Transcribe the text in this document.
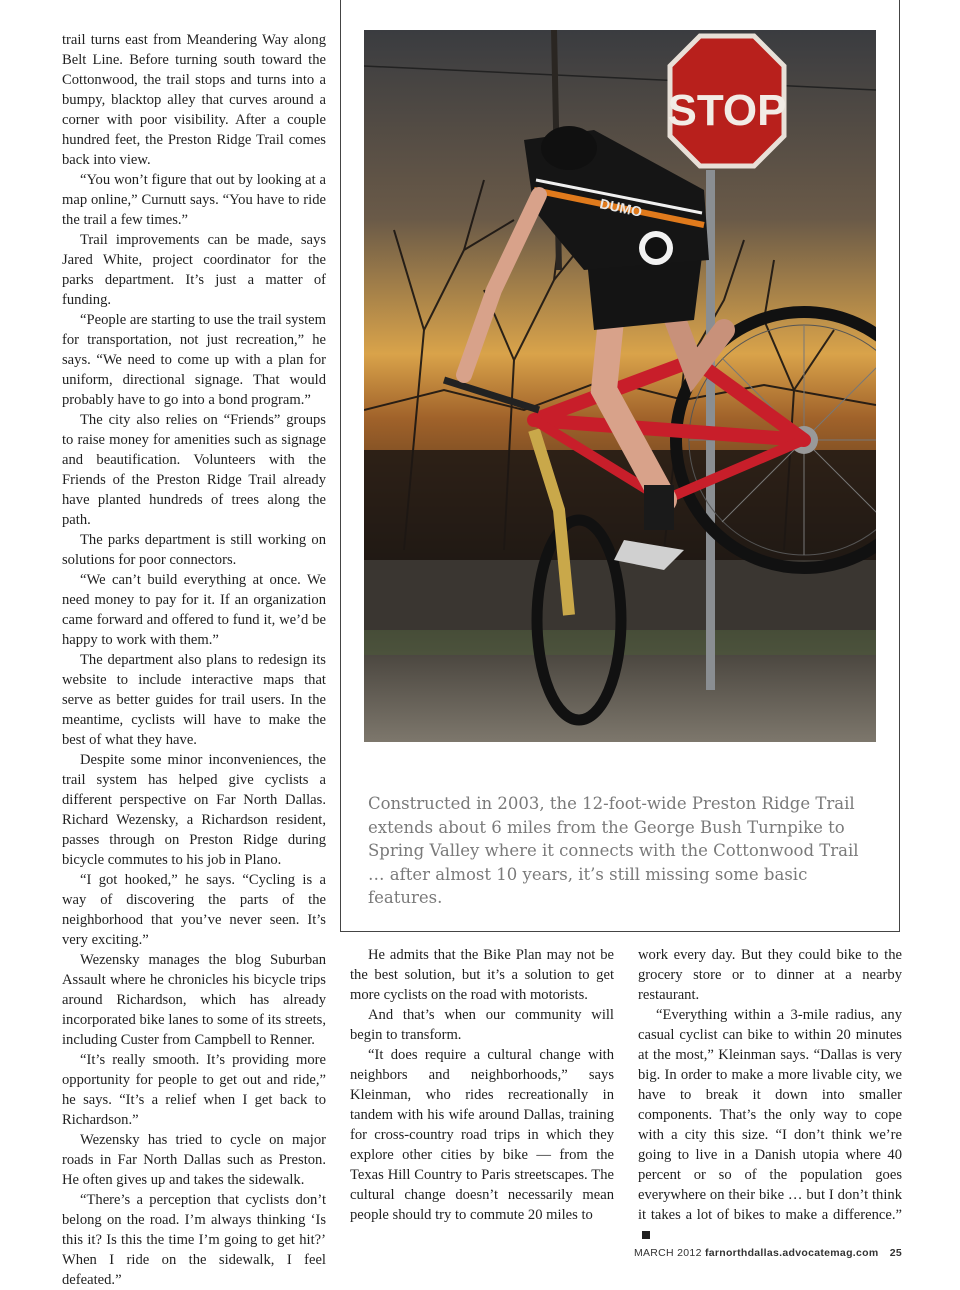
trail turns east from Meandering Way along Belt Line. Before turning south toward the Cottonwood, the trail stops and turns into a bumpy, blacktop alley that curves around a corner with poor visibility. After a couple hundred feet, the Preston Ridge Trail comes back into view.

“You won’t figure that out by looking at a map online,” Curnutt says. “You have to ride the trail a few times.”

Trail improvements can be made, says Jared White, project coordinator for the parks department. It’s just a matter of funding.

“People are starting to use the trail system for transportation, not just recreation,” he says. “We need to come up with a plan for uniform, directional signage. That would probably have to go into a bond program.”

The city also relies on “Friends” groups to raise money for amenities such as signage and beautification. Volunteers with the Friends of the Preston Ridge Trail already have planted hundreds of trees along the path.

The parks department is still working on solutions for poor connectors.

“We can’t build everything at once. We need money to pay for it. If an organization came forward and offered to fund it, we’d be happy to work with them.”

The department also plans to redesign its website to include interactive maps that serve as better guides for trail users. In the meantime, cyclists will have to make the best of what they have.

Despite some minor inconveniences, the trail system has helped give cyclists a different perspective on Far North Dallas. Richard Wezensky, a Richardson resident, passes through on Preston Ridge during bicycle commutes to his job in Plano.

“I got hooked,” he says. “Cycling is a way of discovering the parts of the neighborhood that you’ve never seen. It’s very exciting.”

Wezensky manages the blog Suburban Assault where he chronicles his bicycle trips around Richardson, which has already incorporated bike lanes to some of its streets, including Custer from Campbell to Renner.

“It’s really smooth. It’s providing more opportunity for people to get out and ride,” he says. “It’s a relief when I get back to Richardson.”

Wezensky has tried to cycle on major roads in Far North Dallas such as Preston. He often gives up and takes the sidewalk.

“There’s a perception that cyclists don’t belong on the road. I’m always thinking ‘Is this it? Is this the time I’m going to get hit?’ When I ride on the sidewalk, I feel defeated.”

STOP
DUMO
Constructed in 2003, the 12-foot-wide Preston Ridge Trail extends about 6 miles from the George Bush Turnpike to Spring Valley where it connects with the Cottonwood Trail … after almost 10 years, it’s still missing some basic features.

He admits that the Bike Plan may not be the best solution, but it’s a solution to get more cyclists on the road with motorists.

And that’s when our community will begin to transform.

“It does require a cultural change with neighbors and neighborhoods,” says Kleinman, who rides recreationally in tandem with his wife around Dallas, training for cross-country road trips in which they explore other cities by bike — from the Texas Hill Country to Paris streetscapes. The cultural change doesn’t necessarily mean people should try to commute 20 miles to

work every day. But they could bike to the grocery store or to dinner at a nearby restaurant.

“Everything within a 3-mile radius, any casual cyclist can bike to within 20 minutes at the most,” Kleinman says. “Dallas is very big. In order to make a more livable city, we have to break it down into smaller components. That’s the only way to cope with a city this size. “I don’t think we’re going to live in a Danish utopia where 40 percent or so of the population goes everywhere on their bike … but I don’t think it takes a lot of bikes to make a difference.”

MARCH 2012 farnorthdallas.advocatemag.com 25
